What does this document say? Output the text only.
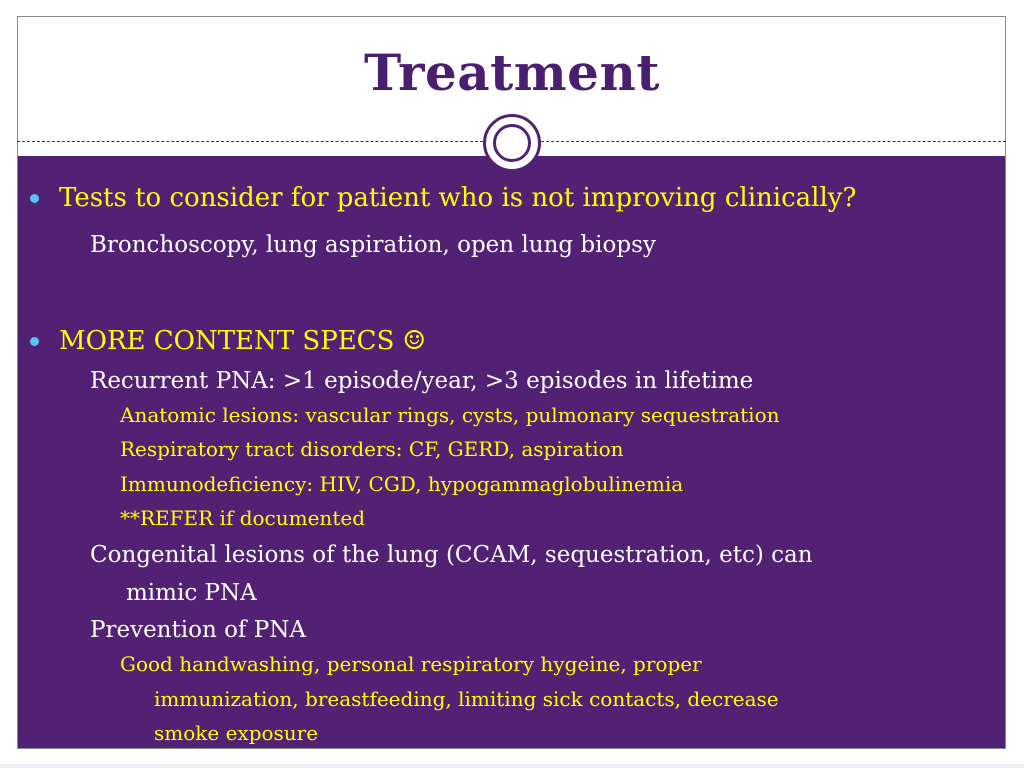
Treatment

Tests to consider for patient who is not improving clinically?

Bronchoscopy, lung aspiration, open lung biopsy

MORE CONTENT SPECS ☺

Recurrent PNA: >1 episode/year, >3 episodes in lifetime

Anatomic lesions: vascular rings, cysts, pulmonary sequestration

Respiratory tract disorders: CF, GERD, aspiration

Immunodeficiency: HIV, CGD, hypogammaglobulinemia

**REFER if documented

Congenital lesions of the lung (CCAM, sequestration, etc) can

mimic PNA

Prevention of PNA

Good handwashing, personal respiratory hygeine, proper

immunization, breastfeeding, limiting sick contacts, decrease

smoke exposure
